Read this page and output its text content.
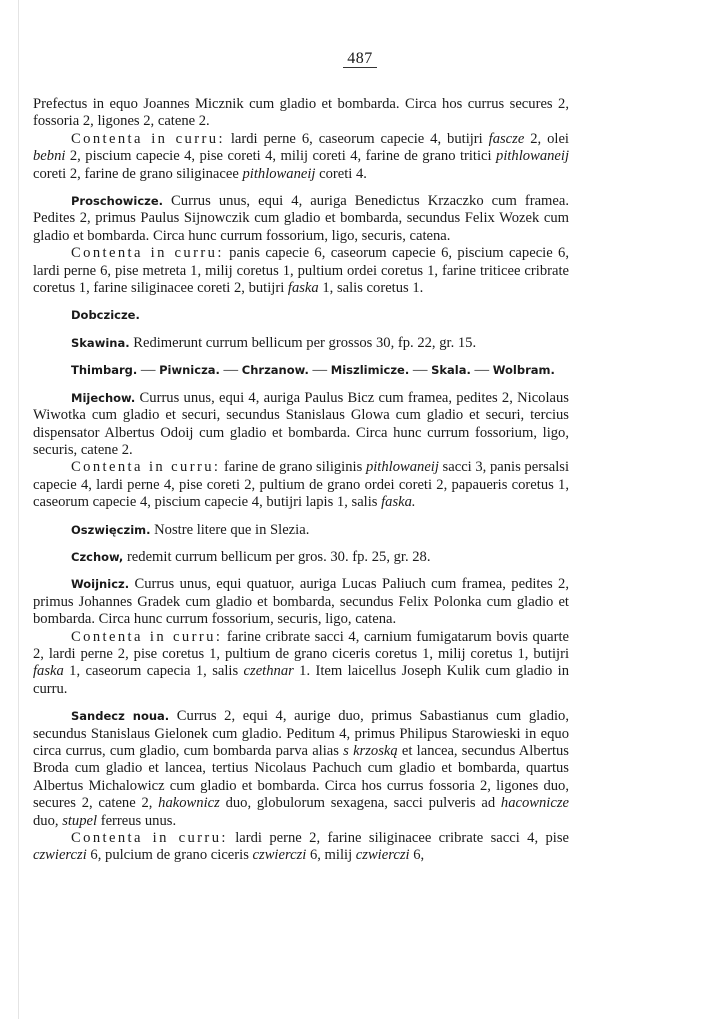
487

Prefectus in equo Joannes Micznik cum gladio et bombarda. Circa hos currus secures 2, fossoria 2, ligones 2, catene 2.

Contenta in curru: lardi perne 6, caseorum capecie 4, butijri fascze 2, olei bebni 2, piscium capecie 4, pise coreti 4, milij coreti 4, farine de grano tritici pithlowaneij coreti 2, farine de grano siliginacee pithlowaneij coreti 4.

Proschowicze. Currus unus, equi 4, auriga Benedictus Krzaczko cum framea. Pedites 2, primus Paulus Sijnowczik cum gladio et bombarda, secundus Felix Wozek cum gladio et bombarda. Circa hunc currum fossorium, ligo, securis, catena.

Contenta in curru: panis capecie 6, caseorum capecie 6, piscium capecie 6, lardi perne 6, pise metreta 1, milij coretus 1, pultium ordei coretus 1, farine triticee cribrate coretus 1, farine siliginacee coreti 2, butijri faska 1, salis coretus 1.

Dobczicze.

Skawina. Redimerunt currum bellicum per grossos 30, fp. 22, gr. 15.

Thimbarg. — Piwnicza. — Chrzanow. — Miszlimicze. — Skala. — Wolbram.

Mijechow. Currus unus, equi 4, auriga Paulus Bicz cum framea, pedites 2, Nicolaus Wiwotka cum gladio et securi, secundus Stanislaus Glowa cum gladio et securi, tercius dispensator Albertus Odoij cum gladio et bombarda. Circa hunc currum fossorium, ligo, securis, catene 2.

Contenta in curru: farine de grano siliginis pithlowaneij sacci 3, panis persalsi capecie 4, lardi perne 4, pise coreti 2, pultium de grano ordei coreti 2, papaueris coretus 1, caseorum capecie 4, piscium capecie 4, butijri lapis 1, salis faska.

Oszwięczim. Nostre litere que in Slezia.

Czchow, redemit currum bellicum per gros. 30. fp. 25, gr. 28.

Woijnicz. Currus unus, equi quatuor, auriga Lucas Paliuch cum framea, pedites 2, primus Johannes Gradek cum gladio et bombarda, secundus Felix Polonka cum gladio et bombarda. Circa hunc currum fossorium, securis, ligo, catena.

Contenta in curru: farine cribrate sacci 4, carnium fumigatarum bovis quarte 2, lardi perne 2, pise coretus 1, pultium de grano ciceris coretus 1, milij coretus 1, butijri faska 1, caseorum capecia 1, salis czethnar 1. Item laicellus Joseph Kulik cum gladio in curru.

Sandecz noua. Currus 2, equi 4, aurige duo, primus Sabastianus cum gladio, secundus Stanislaus Gielonek cum gladio. Peditum 4, primus Philipus Starowieski in equo circa currus, cum gladio, cum bombarda parva alias s krzoską et lancea, secundus Albertus Broda cum gladio et lancea, tertius Nicolaus Pachuch cum gladio et bombarda, quartus Albertus Michalowicz cum gladio et bombarda. Circa hos currus fossoria 2, ligones duo, secures 2, catene 2, hakownicz duo, globulorum sexagena, sacci pulveris ad hacownicze duo, stupel ferreus unus.

Contenta in curru: lardi perne 2, farine siliginacee cribrate sacci 4, pise czwierczi 6, pulcium de grano ciceris czwierczi 6, milij czwierczi 6,
